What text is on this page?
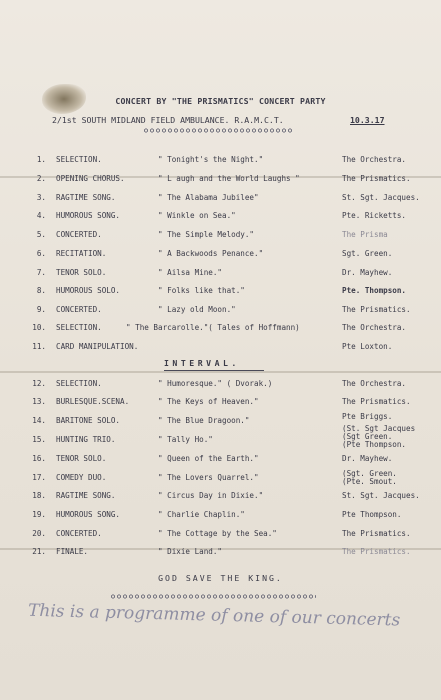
CONCERT BY "THE PRISMATICS" CONCERT PARTY
2/1st SOUTH MIDLAND FIELD AMBULANCE. R.A.M.C.T.	10.3.17
1. SELECTION.	" Tonight's the Night."	The Orchestra.
2. OPENING CHORUS.	" L augh and the World Laughs "	The Prismatics.
3. RAGTIME SONG.	" The Alabama Jubilee"	St. Sgt. Jacques.
4. HUMOROUS SONG.	" Winkle on Sea."	Pte. Ricketts.
5. CONCERTED.	" The Simple Melody."	The Prisma
6. RECITATION.	" A Backwoods Penance."	Sgt. Green.
7. TENOR SOLO.	" Ailsa Mine."	Dr. Mayhew.
8. HUMOROUS SOLO.	" Folks like that."	Pte. Thompson.
9. CONCERTED.	" Lazy old Moon."	The Prismatics.
10. SELECTION.	" The Barcarolle."( Tales of Hoffmann)	The Orchestra.
11. CARD MANIPULATION.	Pte Loxton.
INTERVAL.
12. SELECTION.	" Humoresque." ( Dvorak.)	The Orchestra.
13. BURLESQUE.SCENA.	" The Keys of Heaven."	The Prismatics.
14. BARITONE SOLO.	" The Blue Dragoon."	Pte Briggs.
15. HUNTING TRIO.	" Tally Ho."
(St. Sgt Jacques
(Sgt Green.
(Pte Thompson.
16. TENOR SOLO.	" Queen of the Earth."	Dr. Mayhew.
17. COMEDY DUO.	" The Lovers Quarrel."	(Sgt. Green.
(Pte. Smout.
18. RAGTIME SONG.	" Circus Day in Dixie."	St. Sgt. Jacques.
19. HUMOROUS SONG.	" Charlie Chaplin."	Pte Thompson.
20. CONCERTED.	" The Cottage by the Sea."	The Prismatics.
21. FINALE.	" Dixie Land."	The Prismatics.
GOD SAVE THE KING.
This is a programme of one of our concerts
